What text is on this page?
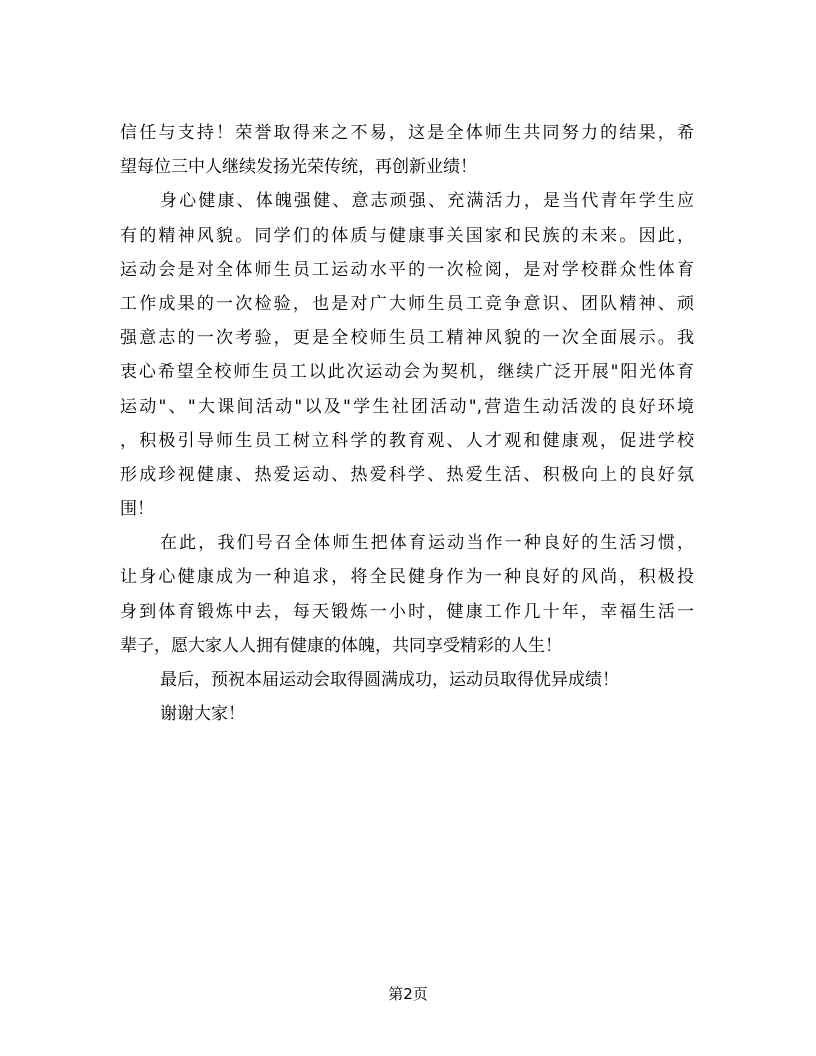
信任与支持！荣誉取得来之不易，这是全体师生共同努力的结果，希
望每位三中人继续发扬光荣传统，再创新业绩！
身心健康、体魄强健、意志顽强、充满活力，是当代青年学生应
有的精神风貌。同学们的体质与健康事关国家和民族的未来。因此，
运动会是对全体师生员工运动水平的一次检阅，是对学校群众性体育
工作成果的一次检验，也是对广大师生员工竞争意识、团队精神、顽
强意志的一次考验，更是全校师生员工精神风貌的一次全面展示。我
衷心希望全校师生员工以此次运动会为契机，继续广泛开展"阳光体育
运动"、"大课间活动"以及"学生社团活动",营造生动活泼的良好环境
，积极引导师生员工树立科学的教育观、人才观和健康观，促进学校
形成珍视健康、热爱运动、热爱科学、热爱生活、积极向上的良好氛
围！
在此，我们号召全体师生把体育运动当作一种良好的生活习惯，
让身心健康成为一种追求，将全民健身作为一种良好的风尚，积极投
身到体育锻炼中去，每天锻炼一小时，健康工作几十年，幸福生活一
辈子，愿大家人人拥有健康的体魄，共同享受精彩的人生！
最后，预祝本届运动会取得圆满成功，运动员取得优异成绩！
谢谢大家！
第2页
